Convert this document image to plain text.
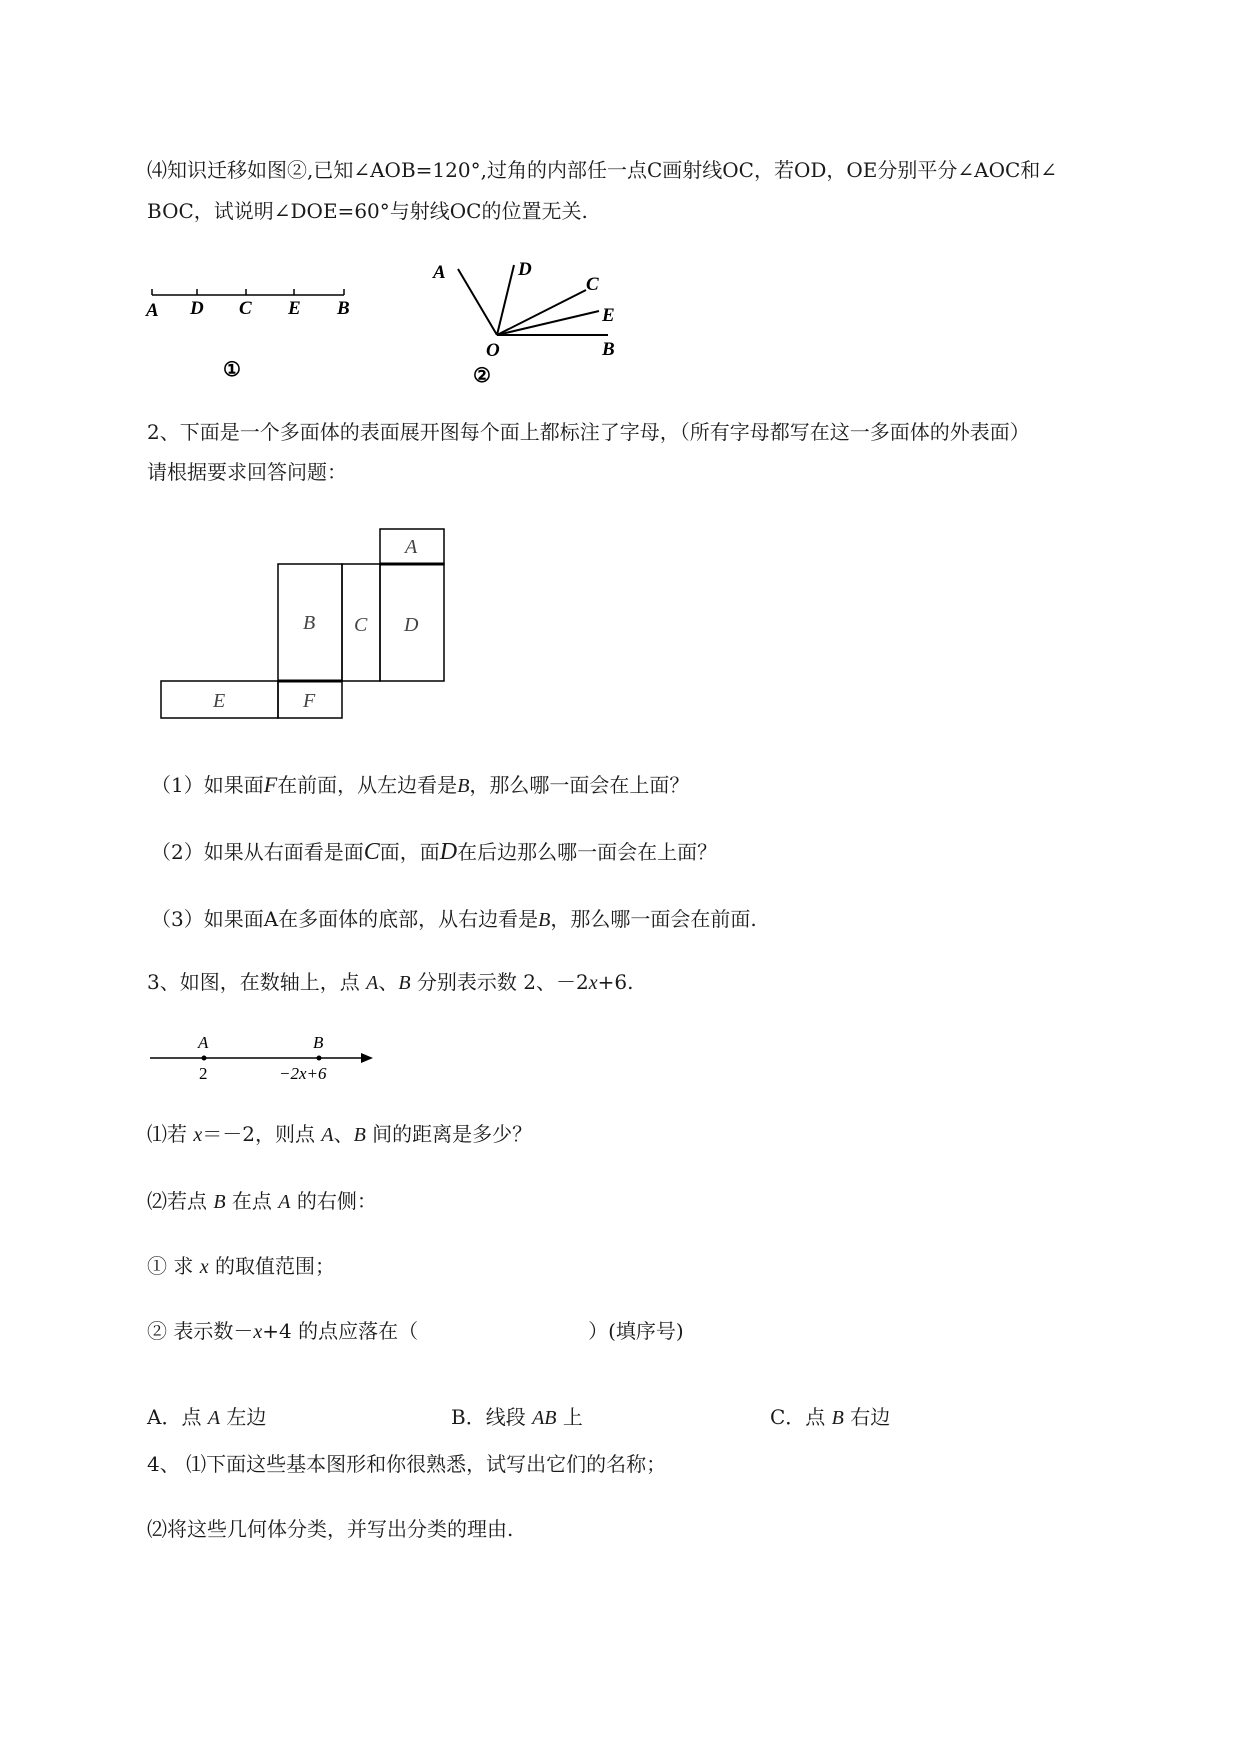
⑷知识迁移如图②,已知∠AOB=120°,过角的内部任一点C画射线OC，若OD，OE分别平分∠AOC和∠

BOC，试说明∠DOE=60°与射线OC的位置无关.

A D C E B
①
A	D
C
E
B
O
②

2、下面是一个多面体的表面展开图每个面上都标注了字母，（所有字母都写在这一多面体的外表面）

请根据要求回答问题：

A
B C D
E	F

（1）如果面F在前面，从左边看是B，那么哪一面会在上面？

（2）如果从右面看是面C面，面D在后边那么哪一面会在上面？

（3）如果面A在多面体的底部，从右边看是B，那么哪一面会在前面.

3、如图，在数轴上，点 A、B 分别表示数 2、－2x+6.

A	B
2	−2x+6

⑴若 x＝－2，则点 A、B 间的距离是多少？

⑵若点 B 在点 A 的右侧：

① 求 x 的取值范围；

② 表示数－x+4 的点应落在（	）(填序号)

A．点 A 左边	B．线段 AB 上	C．点 B 右边

4、 ⑴下面这些基本图形和你很熟悉，试写出它们的名称；

⑵将这些几何体分类，并写出分类的理由.
